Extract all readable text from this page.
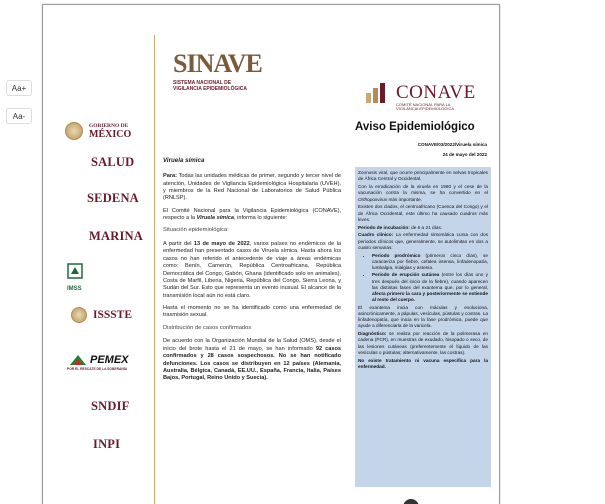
Aa+
Aa-
GOBIERNO DE
MÉXICO
SALUD
SEDENA
MARINA
IMSS
ISSSTE
PEMEX
POR EL RESCATE DE LA SOBERANÍA
SNDIF
INPI
SINAVE
SISTEMA NACIONAL DE VIGILANCIA EPIDEMIOLÓGICA	CONAVE
COMITÉ NACIONAL PARA LA VIGILANCIA EPIDEMIOLÓGICA
Aviso Epidemiológico
CONAVE/03/2022/Viruela símica
24 de mayo del 2022

Viruela símica

Para: Todas las unidades médicas de primer, segundo y tercer nivel de atención, Unidades de Vigilancia Epidemiológica Hospitalaria (UVEH), y miembros de la Red Nacional de Laboratorios de Salud Pública (RNLSP).

El Comité Nacional para la Vigilancia Epidemiológica (CONAVE), respecto a la Viruela símica, informa lo siguiente:

Situación epidemiológica:

A partir del 13 de mayo de 2022, varios países no endémicos de la enfermedad han presentado casos de Viruela símica. Hasta ahora los casos no han referido el antecedente de viaje a áreas endémicas como: Benín, Camerún, República Centroafricana, República Democrática del Congo, Gabón, Ghana (identificado solo en animales), Costa de Marfil, Liberia, Nigeria, República del Congo, Sierra Leona, y Sudán del Sur. Esto que representa un evento inusual. El alcance de la transmisión local aún no está claro.

Hasta el momento no se ha identificado como una enfermedad de trasmisión sexual.

Distribución de casos confirmados

De acuerdo con la Organización Mundial de la Salud (OMS), desde el inicio del brote hasta el 21 de mayo, se han informado 92 casos confirmados y 28 casos sospechosos. No se han notificado defunciones. Los casos se distribuyen en 12 países (Alemania, Australia, Bélgica, Canadá, EE.UU., España, Francia, Italia, Países Bajos, Portugal, Reino Unido y Suecia).

Zoonosis viral, que ocurre principalmente en selvas tropicales de África Central y Occidental.

Con la erradicación de la viruela en 1980 y el cese de la vacunación contra la misma, se ha convertido en el Orthopoxvirus más importante.

Existen dos clados, el centroafricano (Cuenca del Congo) y el de África Occidental, este último ha causado cuadros más leves.

Periodo de incubación: de 6 a 21 días.

Cuadro clínico: La enfermedad sintomática cursa con dos periodos clínicos que, generalmente, se autolimitan en dos a cuatro semanas:

• Periodo prodrómico (primeros cinco días), se caracteriza por fiebre, cefalea intensa, linfadenopatía, lumbalgia, mialgias y astenia.
• Periodo de erupción cutánea (entre los días uno y tres después del inicio de la fiebre), cuando aparecen las distintas fases del exantema que, por lo general, afecta primero la cara y posteriormente se extiende al resto del cuerpo.

El exantema inicia con máculas y evoluciona, asincrónicamente, a pápulas, vesículas, pústulas y costras. La linfadenopatía, que inicia en la fase prodrómica, puede que ayude a diferenciarla de la varicela.

Diagnóstico: se realiza por reacción de la polimerasa en cadena (PCR), en muestras de exudado, hisopado o seco, de las lesiones cutáneas (preferentemente el líquido de las vesículas o pústulas; alternativamente, las costras).

No existe tratamiento ni vacuna específica para la enfermedad.
